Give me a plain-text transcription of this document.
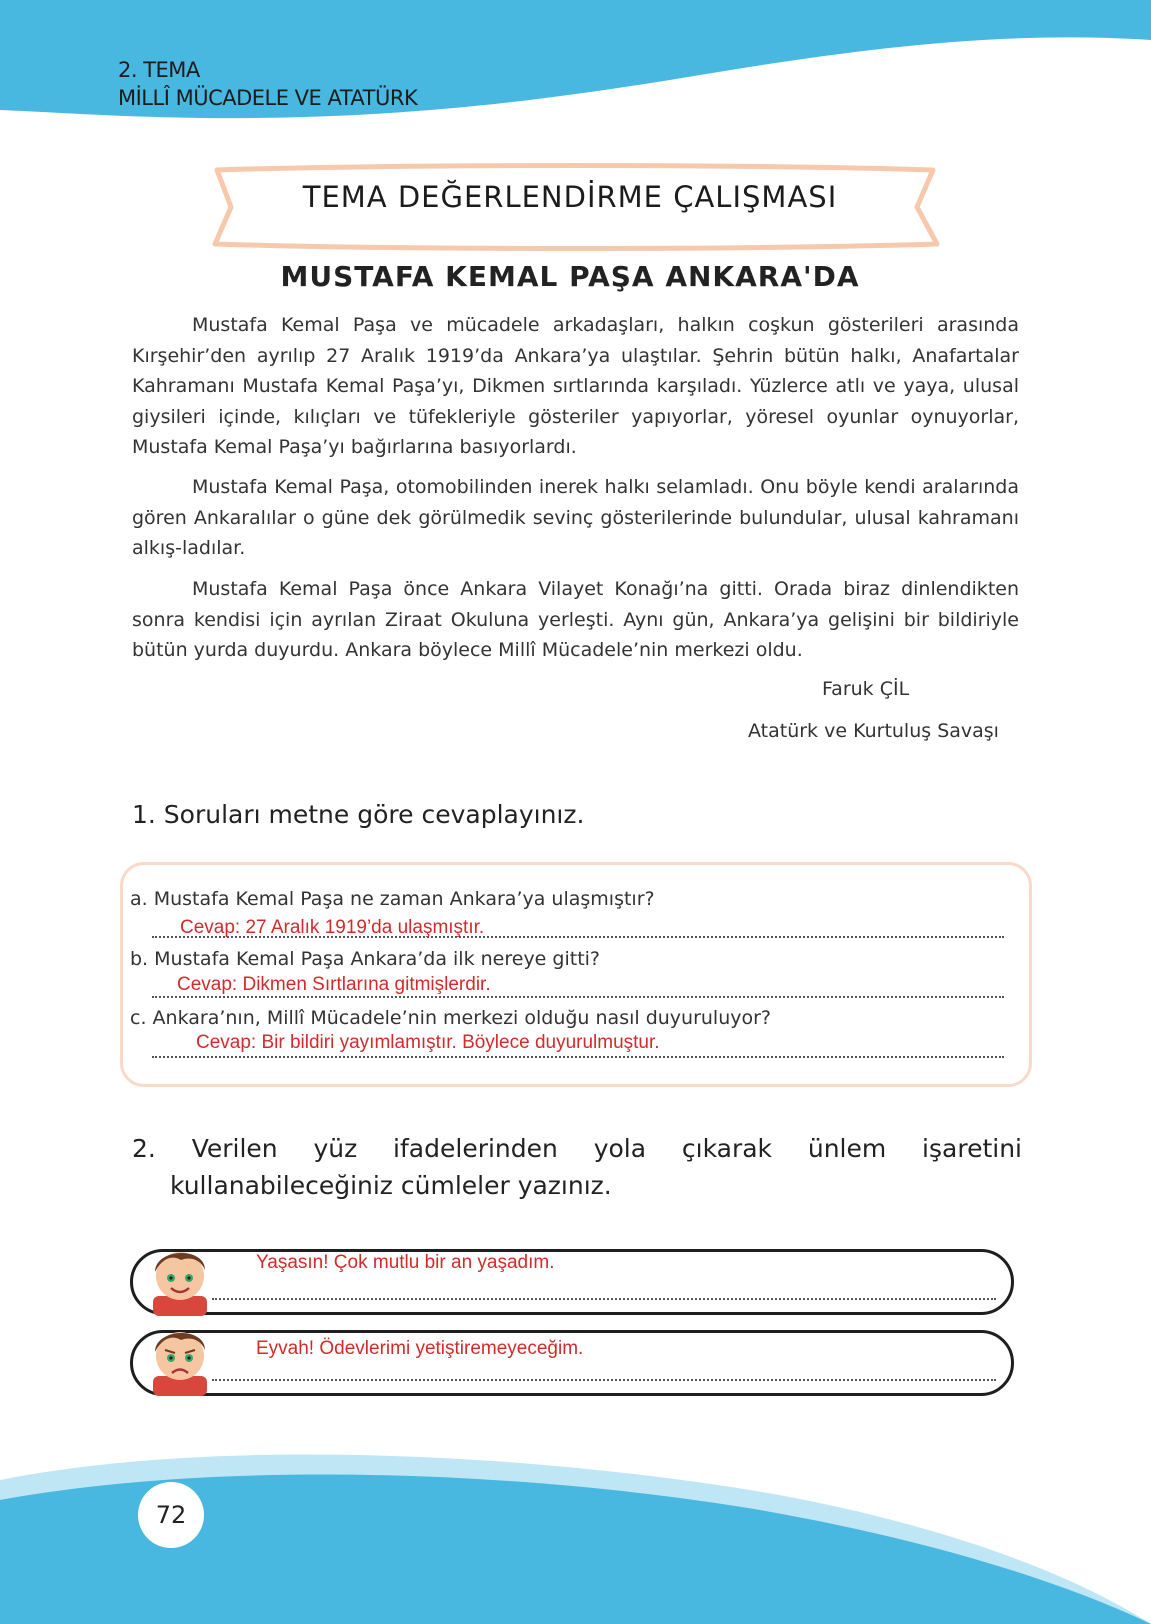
2. TEMA
MİLLÎ MÜCADELE VE ATATÜRK
TEMA DEĞERLENDİRME ÇALIŞMASI
MUSTAFA KEMAL PAŞA ANKARA'DA
Mustafa Kemal Paşa ve mücadele arkadaşları, halkın coşkun gösterileri arasında Kırşehir’den ayrılıp 27 Aralık 1919’da Ankara’ya ulaştılar. Şehrin bütün halkı, Anafartalar Kahramanı Mustafa Kemal Paşa’yı, Dikmen sırtlarında karşıladı. Yüzlerce atlı ve yaya, ulusal giysileri içinde, kılıçları ve tüfekleriyle gösteriler yapıyorlar, yöresel oyunlar oynuyorlar, Mustafa Kemal Paşa’yı bağırlarına basıyorlardı.
Mustafa Kemal Paşa, otomobilinden inerek halkı selamladı. Onu böyle kendi aralarında gören Ankaralılar o güne dek görülmedik sevinç gösterilerinde bulundular, ulusal kahramanı alkış-ladılar.
Mustafa Kemal Paşa önce Ankara Vilayet Konağı’na gitti. Orada biraz dinlendikten sonra kendisi için ayrılan Ziraat Okuluna yerleşti. Aynı gün, Ankara’ya gelişini bir bildiriyle bütün yurda duyurdu. Ankara böylece Millî Mücadele’nin merkezi oldu.
Faruk ÇİL
Atatürk ve Kurtuluş Savaşı
1. Soruları metne göre cevaplayınız.
a. Mustafa Kemal Paşa ne zaman Ankara’ya ulaşmıştır?
Cevap: 27 Aralık 1919’da ulaşmıştır.
b. Mustafa Kemal Paşa Ankara’da ilk nereye gitti?
Cevap: Dikmen Sırtlarına gitmişlerdir.
c. Ankara’nın, Millî Mücadele’nin merkezi olduğu nasıl duyuruluyor?
Cevap: Bir bildiri yayımlamıştır. Böylece duyurulmuştur.
2. Verilen yüz ifadelerinden yola çıkarak ünlem işaretini kullanabileceğiniz cümleler yazınız.
Yaşasın! Çok mutlu bir an yaşadım.
Eyvah! Ödevlerimi yetiştiremeyeceğim.
72
